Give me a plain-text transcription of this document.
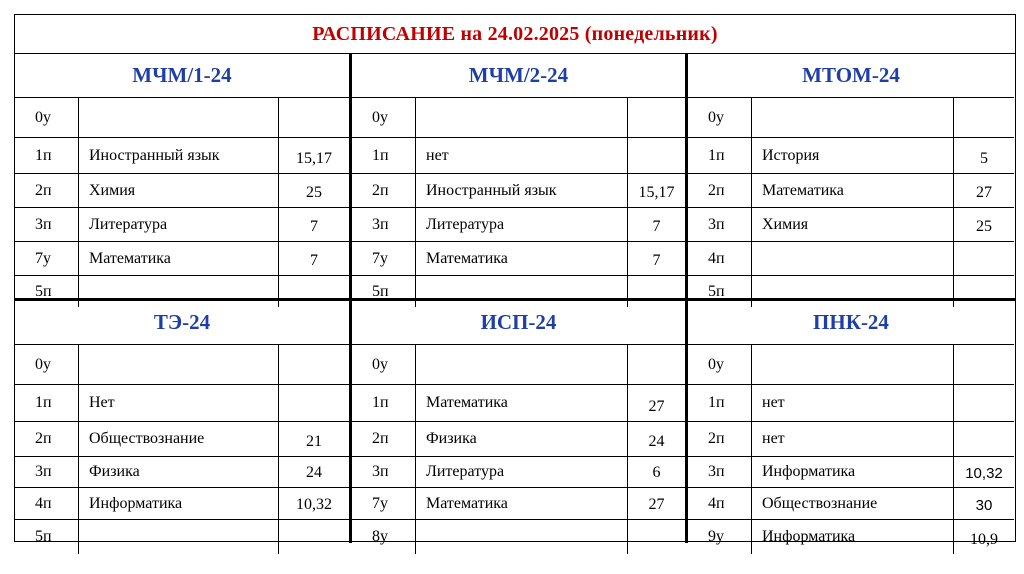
РАСПИСАНИЕ на 24.02.2025 (понедельник)
МЧМ/1-24
0у
1п	Иностранный язык	15,17
2п	Химия	25
3п	Литература	7
7у	Математика	7
5п
МЧМ/2-24
0у
1п	нет
2п	Иностранный язык	15,17
3п	Литература	7
7у	Математика	7
5п
МТОМ-24
0у
1п	История	5
2п	Математика	27
3п	Химия	25
4п
5п
ТЭ-24
0у
1п	Нет
2п	Обществознание	21
3п	Физика	24
4п	Информатика	10,32
5п
ИСП-24
0у
1п	Математика	27
2п	Физика	24
3п	Литература	6
7у	Математика	27
8у
ПНК-24
0у
1п	нет
2п	нет
3п	Информатика	10,32
4п	Обществознание	30
9у	Информатика	10,9
